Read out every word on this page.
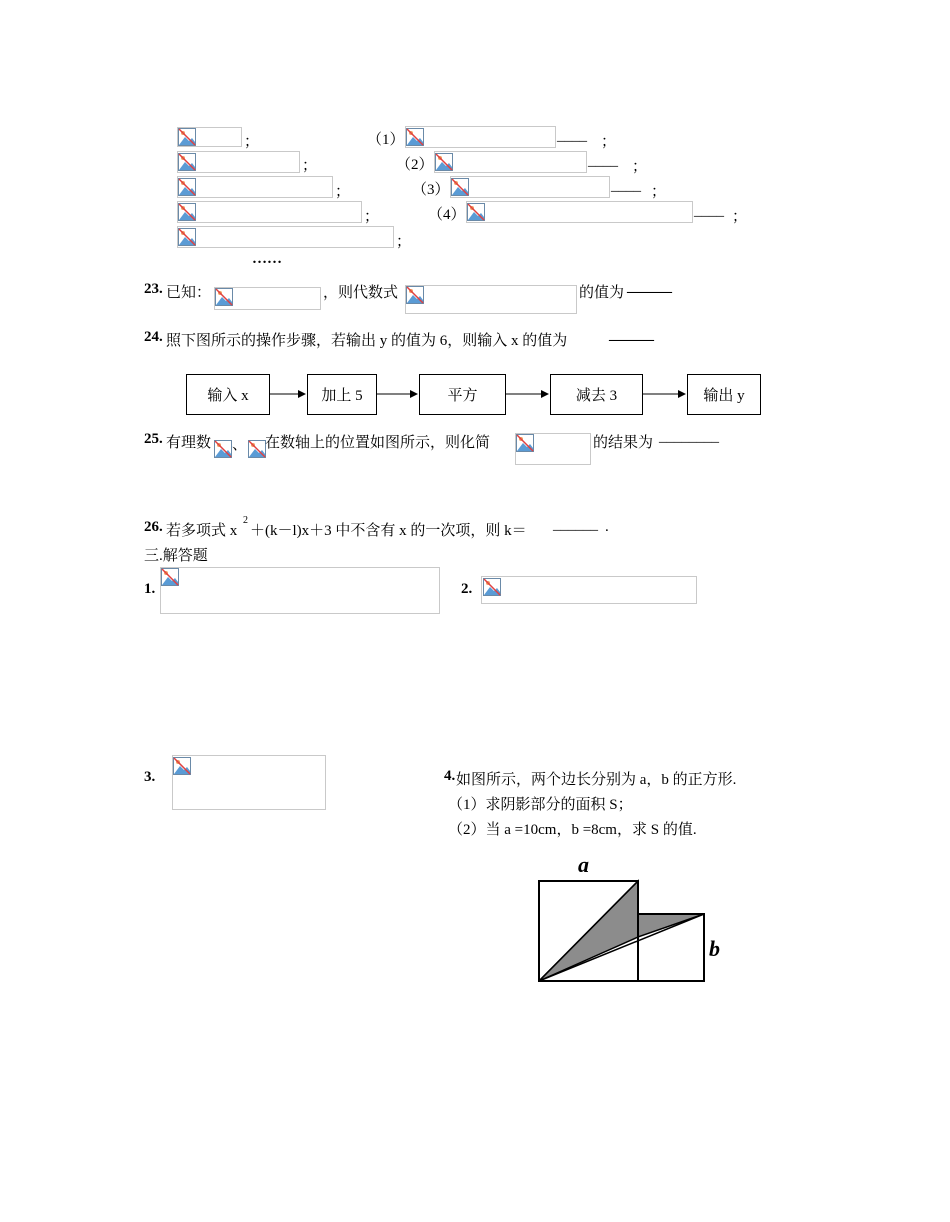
；
；
；
；
；
……
（1）	____ ；
（2）	____ ；
（3）	____ ；
（4）	____ ；
23. 已知：	，则代数式	的值为 ______
24. 照下图所示的操作步骤，若输出 y 的值为 6，则输入 x 的值为	______
输入 x	加上 5	平方	减去 3	输出 y
25. 有理数 、 在数轴上的位置如图所示，则化简	的结果为 ________
26. 若多项式 x
2
＋(k－l)x＋3 中不含有 x 的一次项，则 k＝ ______ .
三.解答题
1.	2.
3.	4. 如图所示，两个边长分别为 a，b 的正方形.
（1）求阴影部分的面积 S；
（2）当 a =10cm，b =8cm，求 S 的值.
a
b
